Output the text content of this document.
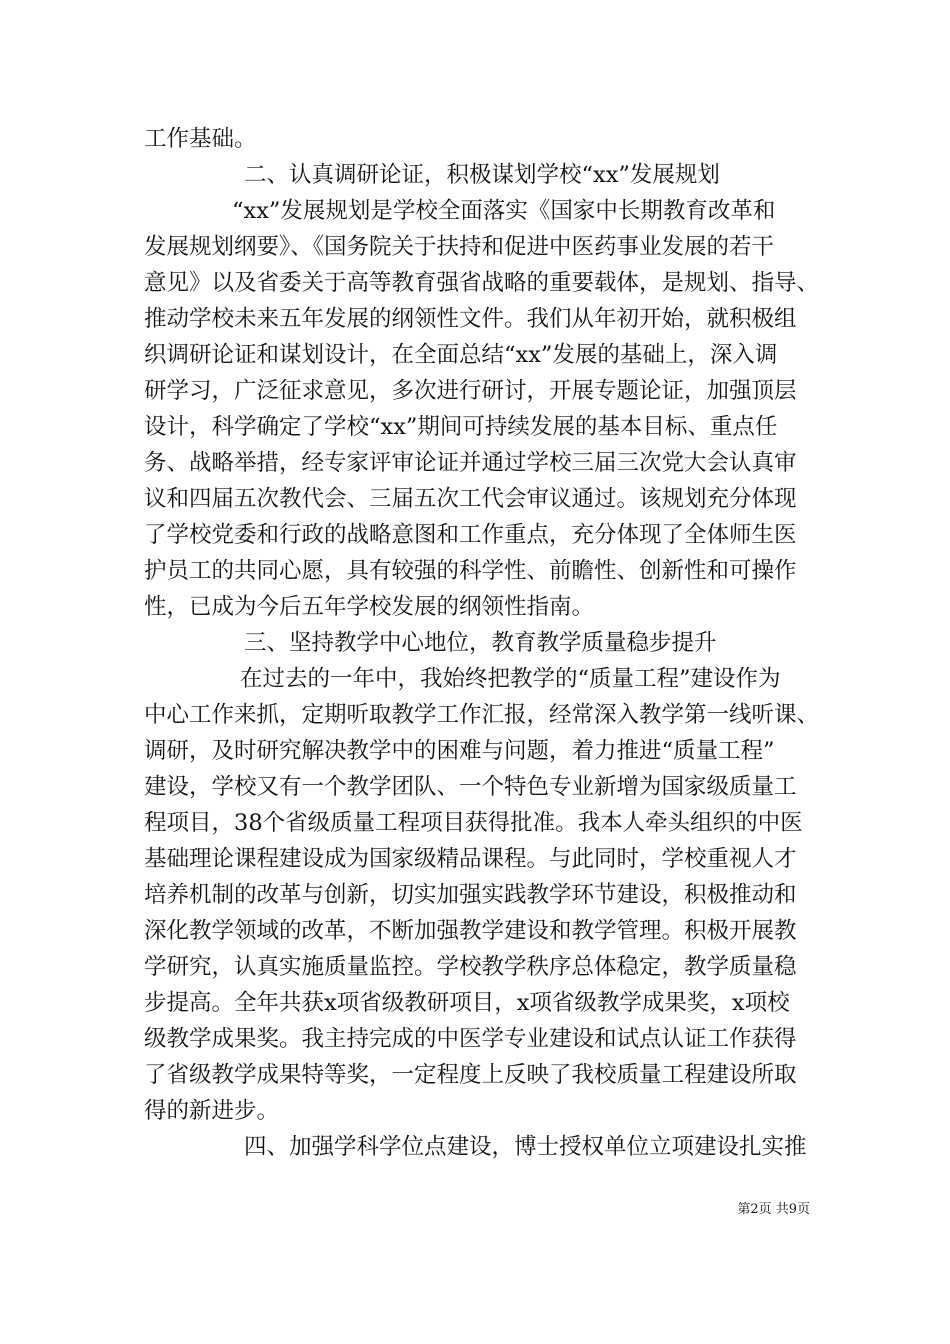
工作基础。
二、认真调研论证，积极谋划学校“xx”发展规划
“xx”发展规划是学校全面落实《国家中长期教育改革和
发展规划纲要》、《国务院关于扶持和促进中医药事业发展的若干
意见》以及省委关于高等教育强省战略的重要载体，是规划、指导、
推动学校未来五年发展的纲领性文件。我们从年初开始，就积极组
织调研论证和谋划设计，在全面总结“xx”发展的基础上，深入调
研学习，广泛征求意见，多次进行研讨，开展专题论证，加强顶层
设计，科学确定了学校“xx”期间可持续发展的基本目标、重点任
务、战略举措，经专家评审论证并通过学校三届三次党大会认真审
议和四届五次教代会、三届五次工代会审议通过。该规划充分体现
了学校党委和行政的战略意图和工作重点，充分体现了全体师生医
护员工的共同心愿，具有较强的科学性、前瞻性、创新性和可操作
性，已成为今后五年学校发展的纲领性指南。
三、坚持教学中心地位，教育教学质量稳步提升
在过去的一年中，我始终把教学的“质量工程”建设作为
中心工作来抓，定期听取教学工作汇报，经常深入教学第一线听课、
调研，及时研究解决教学中的困难与问题，着力推进“质量工程”
建设，学校又有一个教学团队、一个特色专业新增为国家级质量工
程项目，38个省级质量工程项目获得批准。我本人牵头组织的中医
基础理论课程建设成为国家级精品课程。与此同时，学校重视人才
培养机制的改革与创新，切实加强实践教学环节建设，积极推动和
深化教学领域的改革，不断加强教学建设和教学管理。积极开展教
学研究，认真实施质量监控。学校教学秩序总体稳定，教学质量稳
步提高。全年共获x项省级教研项目，x项省级教学成果奖，x项校
级教学成果奖。我主持完成的中医学专业建设和试点认证工作获得
了省级教学成果特等奖，一定程度上反映了我校质量工程建设所取
得的新进步。
四、加强学科学位点建设，博士授权单位立项建设扎实推
第2页 共9页
